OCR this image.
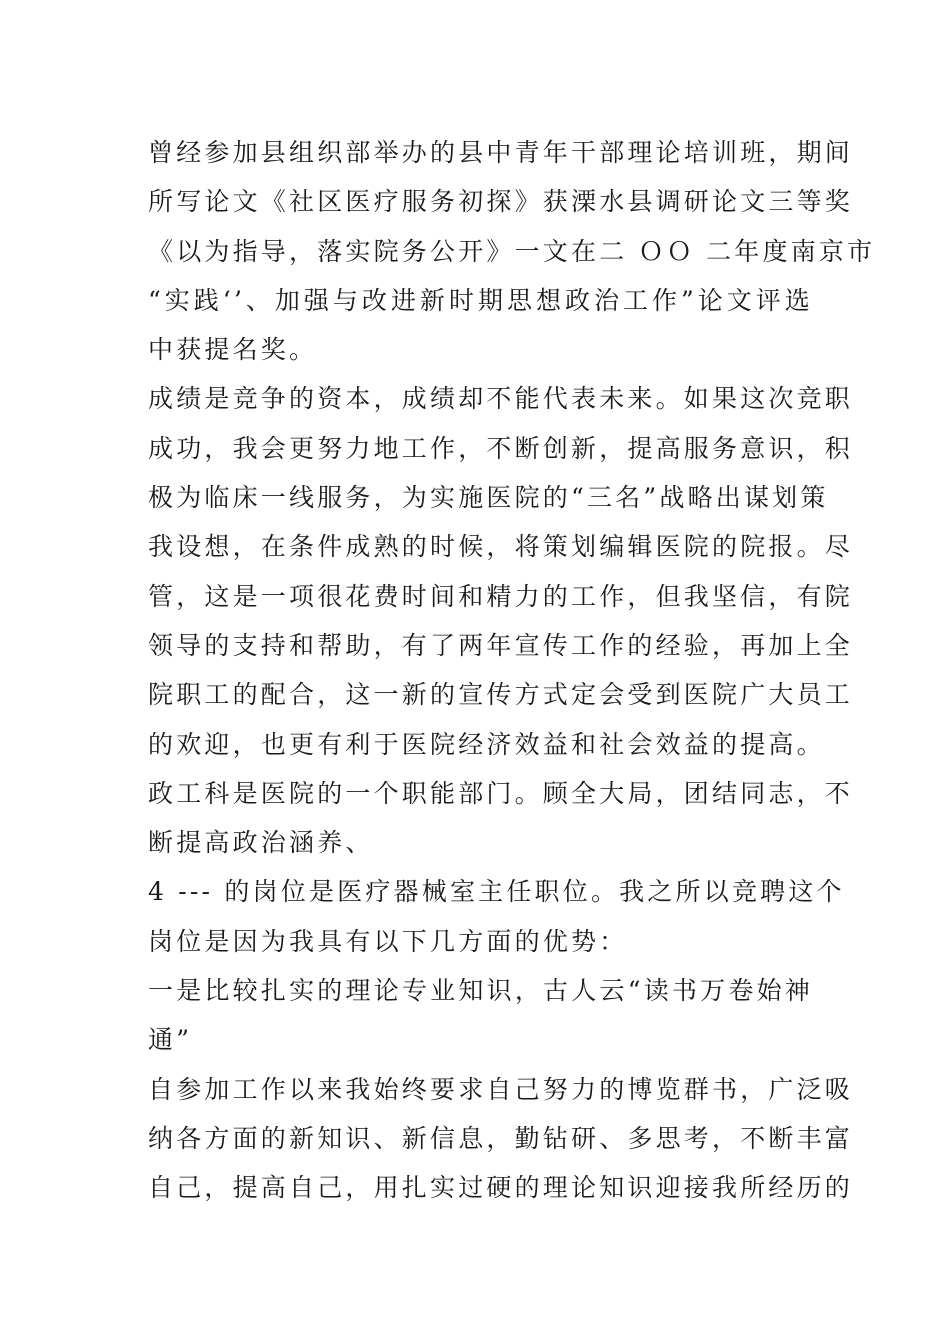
曾经参加县组织部举办的县中青年干部理论培训班，期间
所写论文《社区医疗服务初探》获溧水县调研论文三等奖
《以为指导，落实院务公开》一文在二 ＯＯ 二年度南京市
“实践‘’、加强与改进新时期思想政治工作”论文评选
中获提名奖。
成绩是竞争的资本，成绩却不能代表未来。如果这次竞职
成功，我会更努力地工作，不断创新，提高服务意识，积
极为临床一线服务，为实施医院的“三名”战略出谋划策
我设想，在条件成熟的时候，将策划编辑医院的院报。尽
管，这是一项很花费时间和精力的工作，但我坚信，有院
领导的支持和帮助，有了两年宣传工作的经验，再加上全
院职工的配合，这一新的宣传方式定会受到医院广大员工
的欢迎，也更有利于医院经济效益和社会效益的提高。
政工科是医院的一个职能部门。顾全大局，团结同志，不
断提高政治涵养、
4 --- 的岗位是医疗器械室主任职位。我之所以竞聘这个
岗位是因为我具有以下几方面的优势：
一是比较扎实的理论专业知识，古人云“读书万卷始神
通”
自参加工作以来我始终要求自己努力的博览群书，广泛吸
纳各方面的新知识、新信息，勤钻研、多思考，不断丰富
自己，提高自己，用扎实过硬的理论知识迎接我所经历的
